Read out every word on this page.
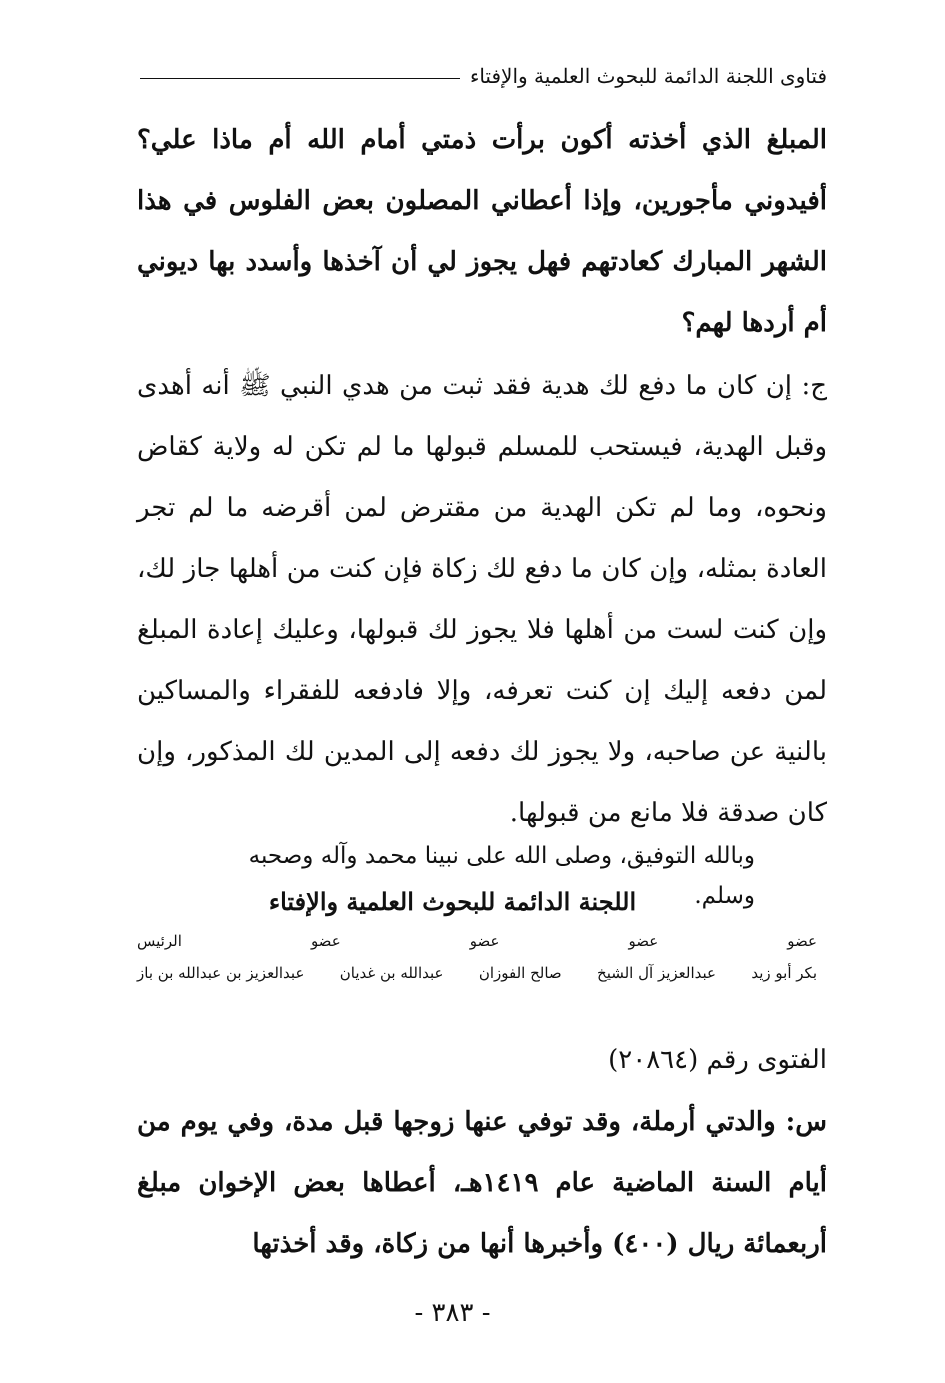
فتاوى اللجنة الدائمة للبحوث العلمية والإفتاء

المبلغ الذي أخذته أكون برأت ذمتي أمام الله أم ماذا علي؟ أفيدوني مأجورين، وإذا أعطاني المصلون بعض الفلوس في هذا الشهر المبارك كعادتهم فهل يجوز لي أن آخذها وأسدد بها ديوني أم أردها لهم؟

ج: إن كان ما دفع لك هدية فقد ثبت من هدي النبي ﷺ أنه أهدى وقبل الهدية، فيستحب للمسلم قبولها ما لم تكن له ولاية كقاض ونحوه، وما لم تكن الهدية من مقترض لمن أقرضه ما لم تجر العادة بمثله، وإن كان ما دفع لك زكاة فإن كنت من أهلها جاز لك، وإن كنت لست من أهلها فلا يجوز لك قبولها، وعليك إعادة المبلغ لمن دفعه إليك إن كنت تعرفه، وإلا فادفعه للفقراء والمساكين بالنية عن صاحبه، ولا يجوز لك دفعه إلى المدين لك المذكور، وإن كان صدقة فلا مانع من قبولها.

وبالله التوفيق، وصلى الله على نبينا محمد وآله وصحبه وسلم.

اللجنة الدائمة للبحوث العلمية والإفتاء
عضو
عضو
عضو
عضو
الرئيس
بكر أبو زيد
عبدالعزيز آل الشيخ
صالح الفوزان
عبدالله بن غديان
عبدالعزيز بن عبدالله بن باز
الفتوى رقم (٢٠٨٦٤)

س: والدتي أرملة، وقد توفي عنها زوجها قبل مدة، وفي يوم من أيام السنة الماضية عام ١٤١٩هـ، أعطاها بعض الإخوان مبلغ أربعمائة ريال (٤٠٠) وأخبرها أنها من زكاة، وقد أخذتها

- ٣٨٣ -
